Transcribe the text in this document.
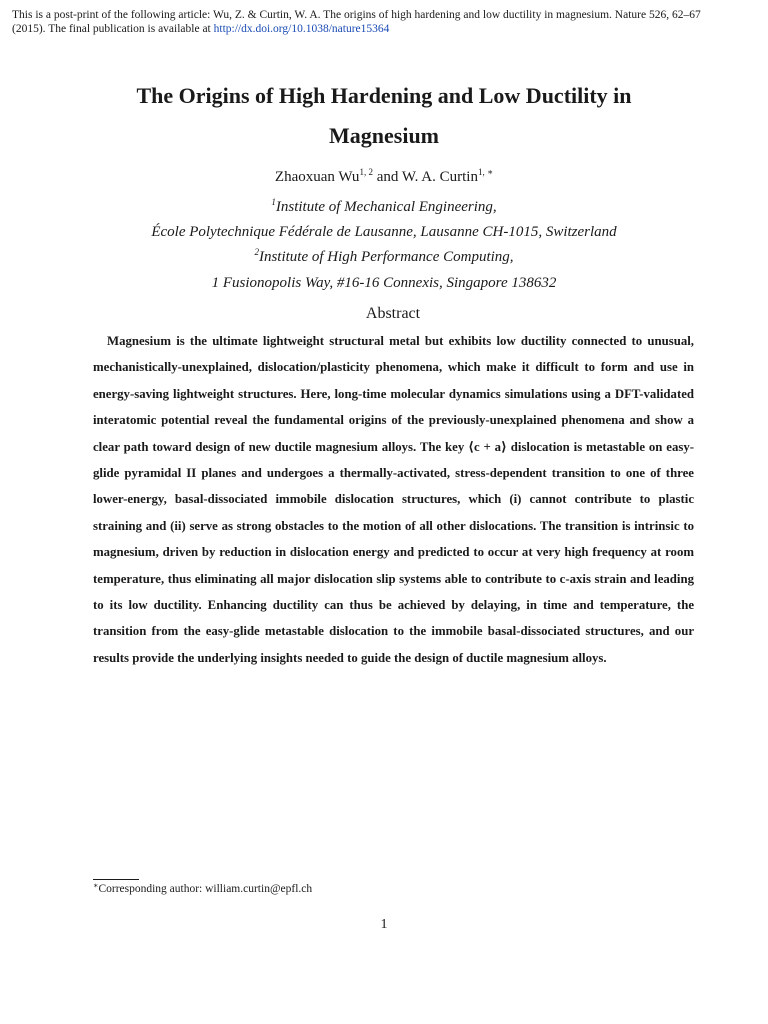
This is a post-print of the following article: Wu, Z. & Curtin, W. A. The origins of high hardening and low ductility in magnesium. Nature 526, 62–67 (2015). The final publication is available at http://dx.doi.org/10.1038/nature15364
The Origins of High Hardening and Low Ductility in
Magnesium
Zhaoxuan Wu$^{1, 2}$ and W. A. Curtin$^{1, ∗}$
$^1$Institute of Mechanical Engineering,
École Polytechnique Fédérale de Lausanne, Lausanne CH-1015, Switzerland
$^2$Institute of High Performance Computing,
1 Fusionopolis Way, #16-16 Connexis, Singapore 138632
Abstract

Magnesium is the ultimate lightweight structural metal but exhibits low ductility connected to unusual, mechanistically-unexplained, dislocation/plasticity phenomena, which make it difficult to form and use in energy-saving lightweight structures. Here, long-time molecular dynamics simulations using a DFT-validated interatomic potential reveal the fundamental origins of the previously-unexplained phenomena and show a clear path toward design of new ductile magnesium alloys. The key ⟨c + a⟩ dislocation is metastable on easy-glide pyramidal II planes and undergoes a thermally-activated, stress-dependent transition to one of three lower-energy, basal-dissociated immobile dislocation structures, which (i) cannot contribute to plastic straining and (ii) serve as strong obstacles to the motion of all other dislocations. The transition is intrinsic to magnesium, driven by reduction in dislocation energy and predicted to occur at very high frequency at room temperature, thus eliminating all major dislocation slip systems able to contribute to c-axis strain and leading to its low ductility. Enhancing ductility can thus be achieved by delaying, in time and temperature, the transition from the easy-glide metastable dislocation to the immobile basal-dissociated structures, and our results provide the underlying insights needed to guide the design of ductile magnesium alloys.

∗Corresponding author: william.curtin@epfl.ch
1
